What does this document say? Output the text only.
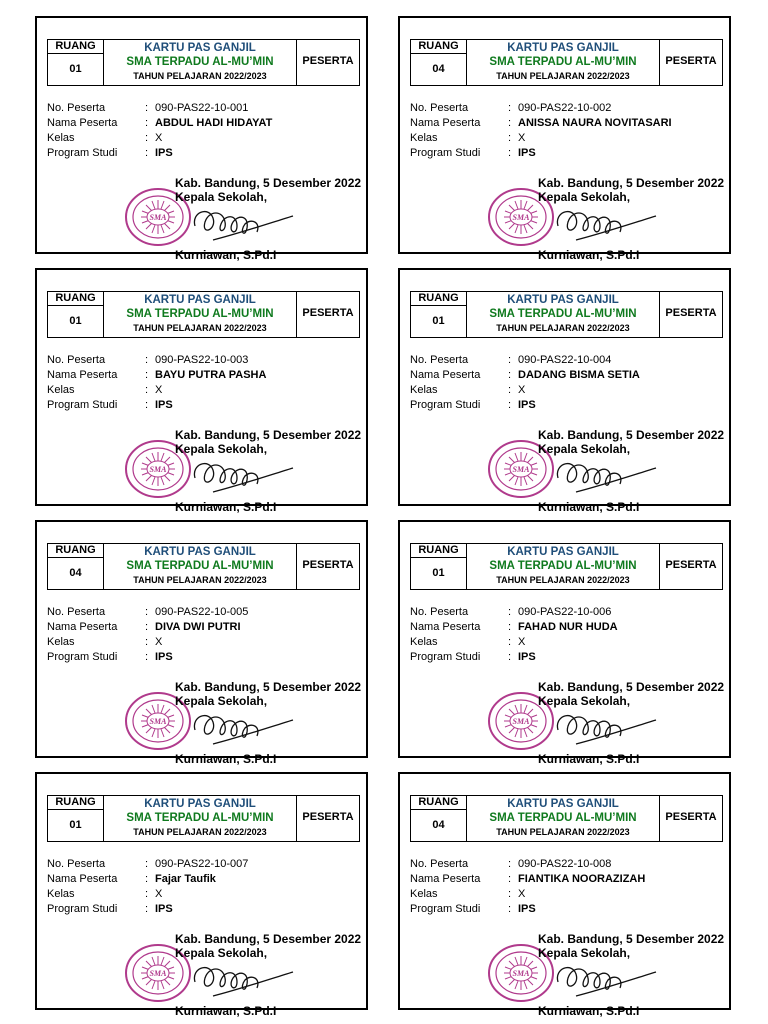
RUANG
01
KARTU PAS GANJIL
SMA TERPADU AL-MU’MIN
TAHUN PELAJARAN 2022/2023
PESERTA
No. Peserta	: 090-PAS22-10-001
Nama Peserta	: ABDUL HADI HIDAYAT
Kelas	: X
Program Studi	: IPS
Kab. Bandung, 5 Desember 2022
SMA
Kepala Sekolah,
Kurniawan, S.Pd.I
RUANG
04
KARTU PAS GANJIL
SMA TERPADU AL-MU’MIN
TAHUN PELAJARAN 2022/2023
PESERTA
No. Peserta	: 090-PAS22-10-002
Nama Peserta	: ANISSA NAURA NOVITASARI
Kelas	: X
Program Studi	: IPS
Kab. Bandung, 5 Desember 2022
SMA
Kepala Sekolah,
Kurniawan, S.Pd.I
RUANG
01
KARTU PAS GANJIL
SMA TERPADU AL-MU’MIN
TAHUN PELAJARAN 2022/2023
PESERTA
No. Peserta	: 090-PAS22-10-003
Nama Peserta	: BAYU PUTRA PASHA
Kelas	: X
Program Studi	: IPS
Kab. Bandung, 5 Desember 2022
SMA
Kepala Sekolah,
Kurniawan, S.Pd.I
RUANG
01
KARTU PAS GANJIL
SMA TERPADU AL-MU’MIN
TAHUN PELAJARAN 2022/2023
PESERTA
No. Peserta	: 090-PAS22-10-004
Nama Peserta	: DADANG BISMA SETIA
Kelas	: X
Program Studi	: IPS
Kab. Bandung, 5 Desember 2022
SMA
Kepala Sekolah,
Kurniawan, S.Pd.I
RUANG
04
KARTU PAS GANJIL
SMA TERPADU AL-MU’MIN
TAHUN PELAJARAN 2022/2023
PESERTA
No. Peserta	: 090-PAS22-10-005
Nama Peserta	: DIVA DWI PUTRI
Kelas	: X
Program Studi	: IPS
Kab. Bandung, 5 Desember 2022
SMA
Kepala Sekolah,
Kurniawan, S.Pd.I
RUANG
01
KARTU PAS GANJIL
SMA TERPADU AL-MU’MIN
TAHUN PELAJARAN 2022/2023
PESERTA
No. Peserta	: 090-PAS22-10-006
Nama Peserta	: FAHAD NUR HUDA
Kelas	: X
Program Studi	: IPS
Kab. Bandung, 5 Desember 2022
SMA
Kepala Sekolah,
Kurniawan, S.Pd.I
RUANG
01
KARTU PAS GANJIL
SMA TERPADU AL-MU’MIN
TAHUN PELAJARAN 2022/2023
PESERTA
No. Peserta	: 090-PAS22-10-007
Nama Peserta	: Fajar Taufik
Kelas	: X
Program Studi	: IPS
Kab. Bandung, 5 Desember 2022
SMA
Kepala Sekolah,
Kurniawan, S.Pd.I
RUANG
04
KARTU PAS GANJIL
SMA TERPADU AL-MU’MIN
TAHUN PELAJARAN 2022/2023
PESERTA
No. Peserta	: 090-PAS22-10-008
Nama Peserta	: FIANTIKA NOORAZIZAH
Kelas	: X
Program Studi	: IPS
Kab. Bandung, 5 Desember 2022
SMA
Kepala Sekolah,
Kurniawan, S.Pd.I
